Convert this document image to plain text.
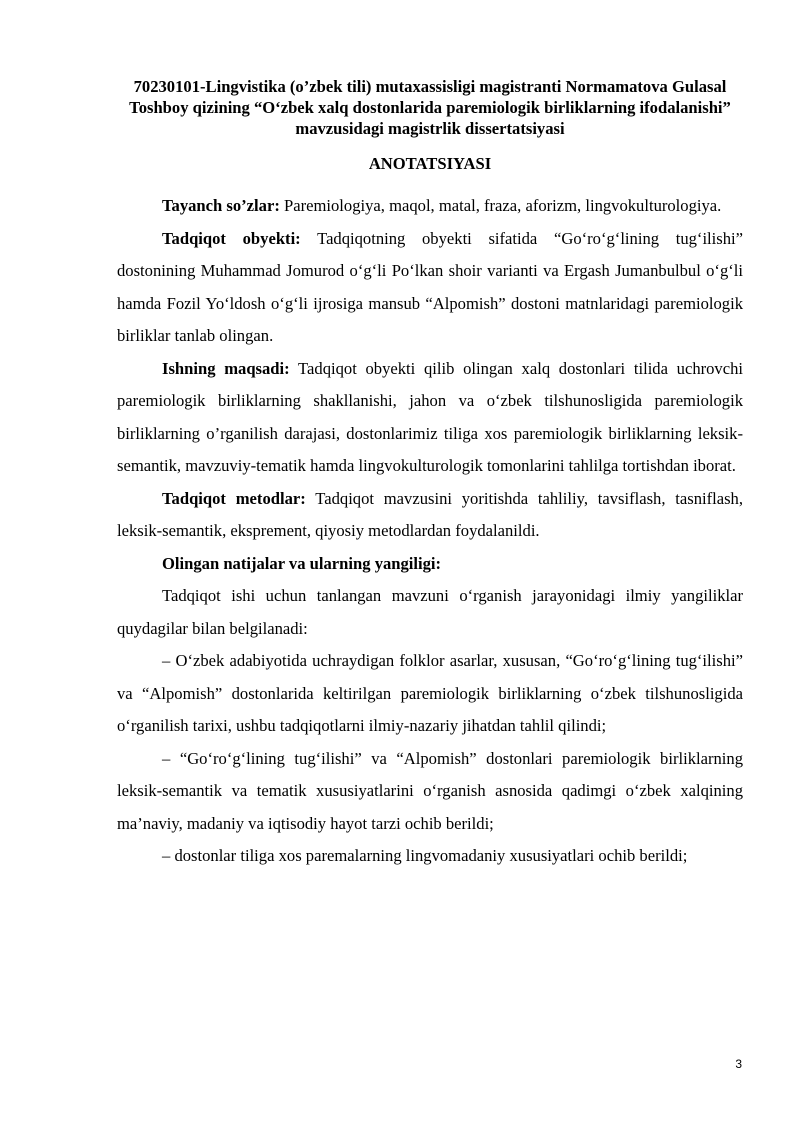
70230101-Lingvistika (o’zbek tili) mutaxassisligi magistranti Normamatova Gulasal Toshboy qizining “O‘zbek xalq dostonlarida paremiologik birliklarning ifodalanishi” mavzusidagi magistrlik dissertatsiyasi

ANOTATSIYASI

Tayanch so’zlar: Paremiologiya, maqol, matal, fraza, aforizm, lingvokulturologiya.

Tadqiqot obyekti: Tadqiqotning obyekti sifatida “Go‘ro‘g‘lining tug‘ilishi” dostonining Muhammad Jomurod o‘g‘li Po‘lkan shoir varianti va Ergash Jumanbulbul o‘g‘li hamda Fozil Yo‘ldosh o‘g‘li ijrosiga mansub “Alpomish” dostoni matnlaridagi paremiologik birliklar tanlab olingan.

Ishning maqsadi: Tadqiqot obyekti qilib olingan xalq dostonlari tilida uchrovchi paremiologik birliklarning shakllanishi, jahon va o‘zbek tilshunosligida paremiologik birliklarning o’rganilish darajasi, dostonlarimiz tiliga xos paremiologik birliklarning leksik-semantik, mavzuviy-tematik hamda lingvokulturologik tomonlarini tahlilga tortishdan iborat.

Tadqiqot metodlar: Tadqiqot mavzusini yoritishda tahliliy, tavsiflash, tasniflash, leksik-semantik, ekspremеnt, qiyosiy metodlardan foydalanildi.

Olingan natijalar va ularning yangiligi:

Tadqiqot ishi uchun tanlangan mavzuni o‘rganish jarayonidagi ilmiy yangiliklar quydagilar bilan belgilanadi:

– O‘zbek adabiyotida uchraydigan folklor asarlar, xususan, “Go‘ro‘g‘lining tug‘ilishi” va “Alpomish” dostonlarida keltirilgan paremiologik birliklarning o‘zbek tilshunosligida o‘rganilish tarixi, ushbu tadqiqotlarni ilmiy-nazariy jihatdan tahlil qilindi;

– “Go‘ro‘g‘lining tug‘ilishi” va “Alpomish” dostonlari paremiologik birliklarning leksik-semantik va tematik xususiyatlarini o‘rganish asnosida qadimgi o‘zbek xalqining ma’naviy, madaniy va iqtisodiy hayot tarzi ochib berildi;

– dostonlar tiliga xos paremalarning lingvomadaniy xususiyatlari ochib berildi;

3
